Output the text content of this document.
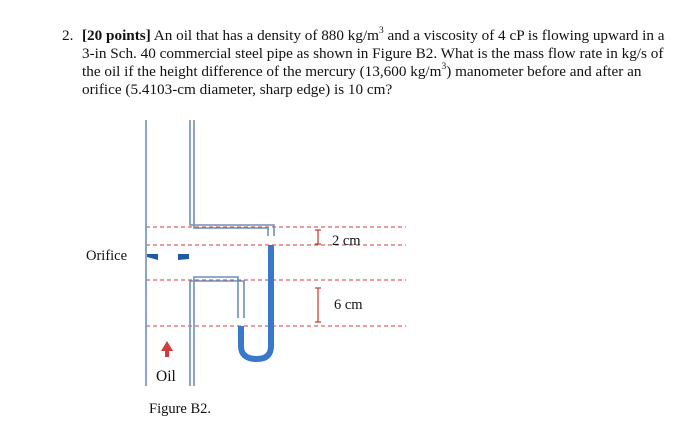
2. [20 points] An oil that has a density of 880 $kg/m^3$ and a viscosity of 4 cP is flowing upward in a 3-in Sch. 40 commercial steel pipe as shown in Figure B2. What is the mass flow rate in kg/s of the oil if the height difference of the mercury (13,600 $kg/m^3$) manometer before and after an orifice (5.4103-cm diameter, sharp edge) is 10 cm?
Orifice
2 cm
6 cm
Oil
Figure B2.
